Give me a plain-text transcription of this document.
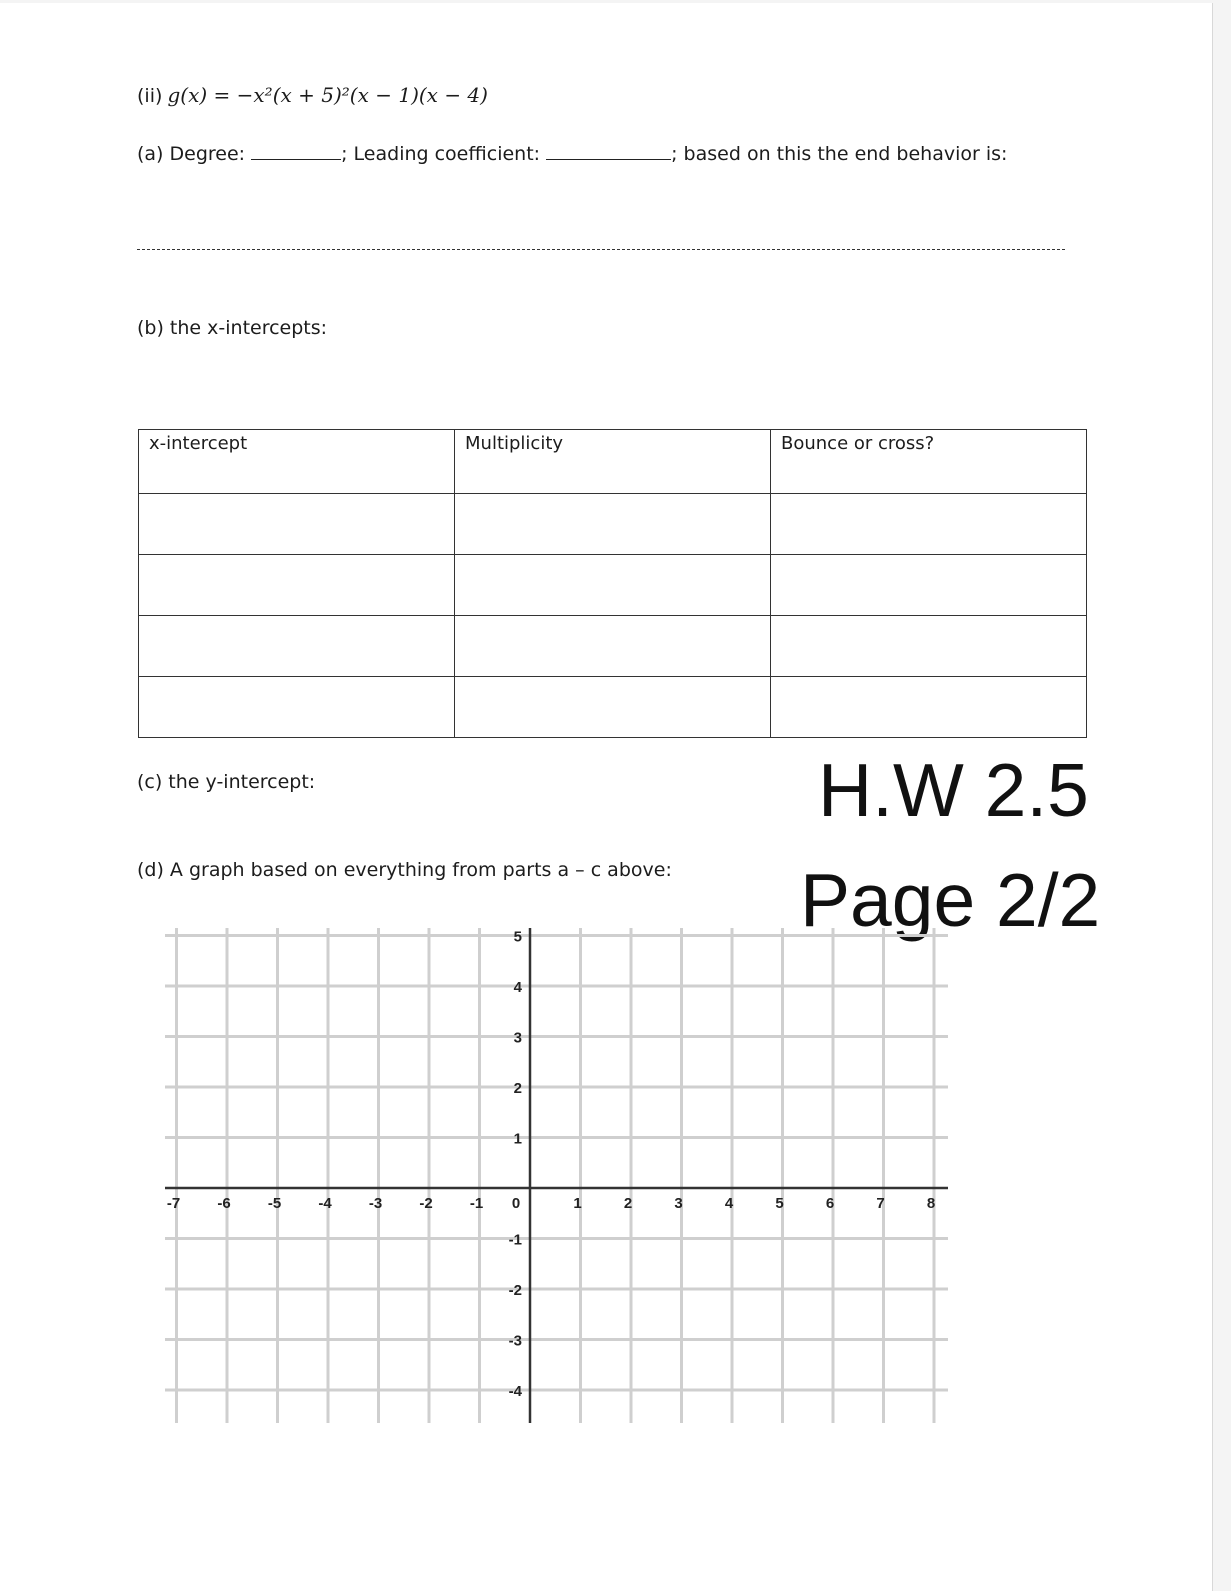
(ii) g(x) = −x²(x + 5)²(x − 1)(x − 4)
(a) Degree:	; Leading coefficient:	; based on this the end behavior is:
(b) the x-intercepts:
x-intercept	Multiplicity	Bounce or cross?

(c) the y-intercept:
(d) A graph based on everything from parts a – c above:
H.W 2.5
Page 2/2
-7 -6 -5 -4 -3 -2 -1 0	1	2	3	4	5	6	7	8
5
4
3
2
1
-1
-2
-3
-4
